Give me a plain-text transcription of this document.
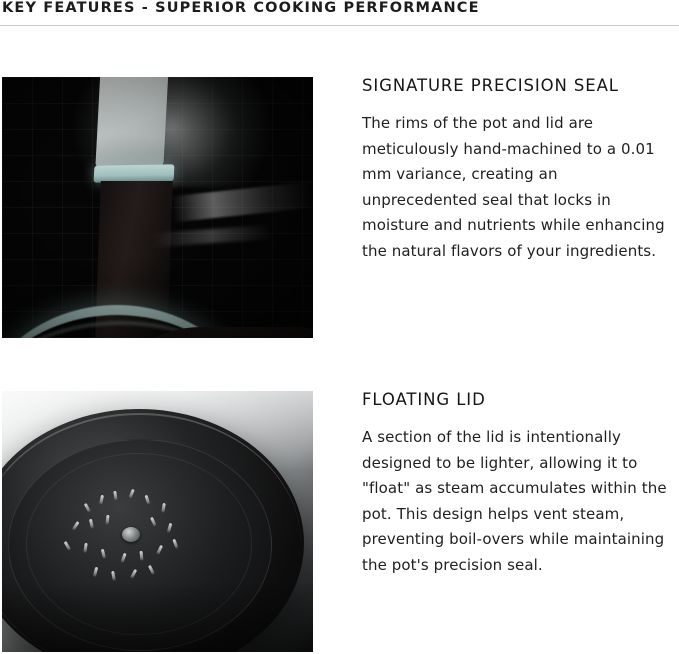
KEY FEATURES - SUPERIOR COOKING PERFORMANCE
SIGNATURE PRECISION SEAL

The rims of the pot and lid are meticulously hand-machined to a 0.01 mm variance, creating an unprecedented seal that locks in moisture and nutrients while enhancing the natural flavors of your ingredients.

FLOATING LID

A section of the lid is intentionally designed to be lighter, allowing it to "float" as steam accumulates within the pot. This design helps vent steam, preventing boil-overs while maintaining the pot's precision seal.
